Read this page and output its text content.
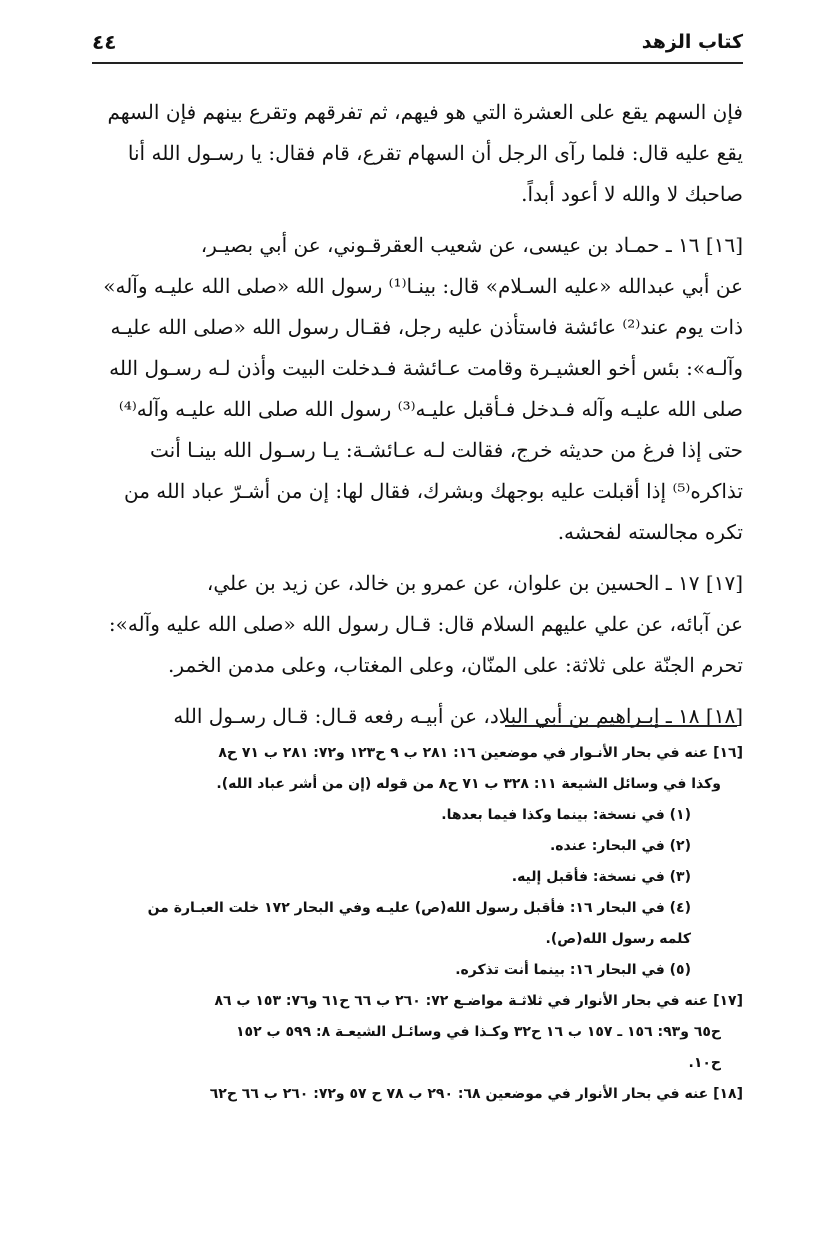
كتاب الزهد
٤٤

فإن السهم يقع على العشرة التي هو فيهم، ثم تفرقهم وتقرع بينهم فإن السهم
يقع عليه قال: فلما رآى الرجل أن السهام تقرع، قام فقال: يا رسـول الله أنا
صاحبك لا والله لا أعود أبداً.

[١٦] ١٦ ـ حمـاد بن عيسى، عن شعيب العقرقـوني، عن أبي بصيـر،
عن أبي عبدالله «عليه السـلام» قال: بينـا⁽¹⁾ رسول الله «صلى الله عليـه وآله»
ذات يوم عند⁽²⁾ عائشة فاستأذن عليه رجل، فقـال رسول الله «صلى الله عليـه
وآلـه»: بئس أخو العشيـرة وقامت عـائشة فـدخلت البيت وأذن لـه رسـول الله
صلى الله عليـه وآله فـدخل فـأقبل عليـه⁽³⁾ رسول الله صلى الله عليـه وآله⁽⁴⁾
حتى إذا فرغ من حديثه خرج، فقالت لـه عـائشـة: يـا رسـول الله بينـا أنت
تذاكره⁽⁵⁾ إذا أقبلت عليه بوجهك وبشرك، فقال لها: إن من أشـرّ عباد الله من
تكره مجالسته لفحشه.

[١٧] ١٧ ـ الحسين بن علوان، عن عمرو بن خالد، عن زيد بن علي،
عن آبائه، عن علي عليهم السلام قال: قـال رسول الله «صلى الله عليه وآله»:
تحرم الجنّة على ثلاثة: على المنّان، وعلى المغتاب، وعلى مدمن الخمر.

[١٨] ١٨ ـ إبـراهيم بن أبي البلاد، عن أبيـه رفعه قـال: قـال رسـول الله

[١٦] عنه في بحار الأنـوار في موضعين ١٦: ٢٨١ ب ٩ ح١٢٣ و٧٢: ٢٨١ ب ٧١ ح٨
وكذا في وسائل الشيعة ١١: ٣٢٨ ب ٧١ ح٨ من قوله (إن من أشر عباد الله).
(١) في نسخة: بينما وكذا فيما بعدها.
(٢) في البحار: عنده.
(٣) في نسخة: فأقبل إليه.
(٤) في البحار ١٦: فأقبل رسول الله(ص) عليـه وفي البحار ١٧٢ خلت العبـارة من
كلمه رسول الله(ص).
(٥) في البحار ١٦: بينما أنت تذكره.
[١٧] عنه في بحار الأنوار في ثلاثـة مواضـع ٧٢: ٢٦٠ ب ٦٦ ح٦١ و٧٦: ١٥٣ ب ٨٦
ح٦٥ و٩٣: ١٥٦ ـ ١٥٧ ب ١٦ ح٣٢ وكـذا في وسائـل الشيعـة ٨: ٥٩٩ ب ١٥٢
ح١٠.
[١٨] عنه في بحار الأنوار في موضعين ٦٨: ٢٩٠ ب ٧٨ ح ٥٧ و٧٢: ٢٦٠ ب ٦٦ ح٦٢
